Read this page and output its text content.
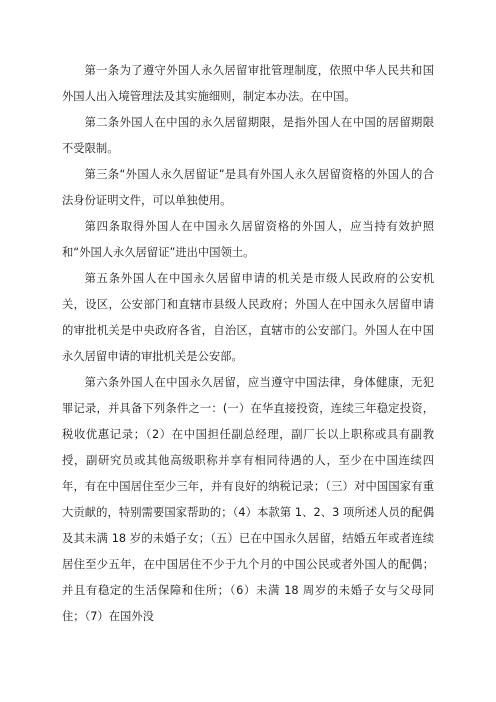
第一条为了遵守外国人永久居留审批管理制度，依照中华人民共和国外国人出入境管理法及其实施细则，制定本办法。在中国。

第二条外国人在中国的永久居留期限，是指外国人在中国的居留期限不受限制。

第三条“外国人永久居留证”是具有外国人永久居留资格的外国人的合法身份证明文件，可以单独使用。

第四条取得外国人在中国永久居留资格的外国人，应当持有效护照和“外国人永久居留证”进出中国领土。

第五条外国人在中国永久居留申请的机关是市级人民政府的公安机关，设区，公安部门和直辖市县级人民政府；外国人在中国永久居留申请的审批机关是中央政府各省，自治区，直辖市的公安部门。外国人在中国永久居留申请的审批机关是公安部。

第六条外国人在中国永久居留，应当遵守中国法律，身体健康，无犯罪记录，并具备下列条件之一：(一）在华直接投资，连续三年稳定投资，税收优惠记录；（2）在中国担任副总经理，副厂长以上职称或具有副教授，副研究员或其他高级职称并享有相同待遇的人，至少在中国连续四年，有在中国居住至少三年，并有良好的纳税记录；（三）对中国国家有重大贡献的，特别需要国家帮助的；（4）本款第 1、2、3 项所述人员的配偶及其未满 18 岁的未婚子女；（五）已在中国永久居留，结婚五年或者连续居住至少五年，在中国居住不少于九个月的中国公民或者外国人的配偶；并且有稳定的生活保障和住所；（6）未满 18 周岁的未婚子女与父母同住；（7）在国外没
